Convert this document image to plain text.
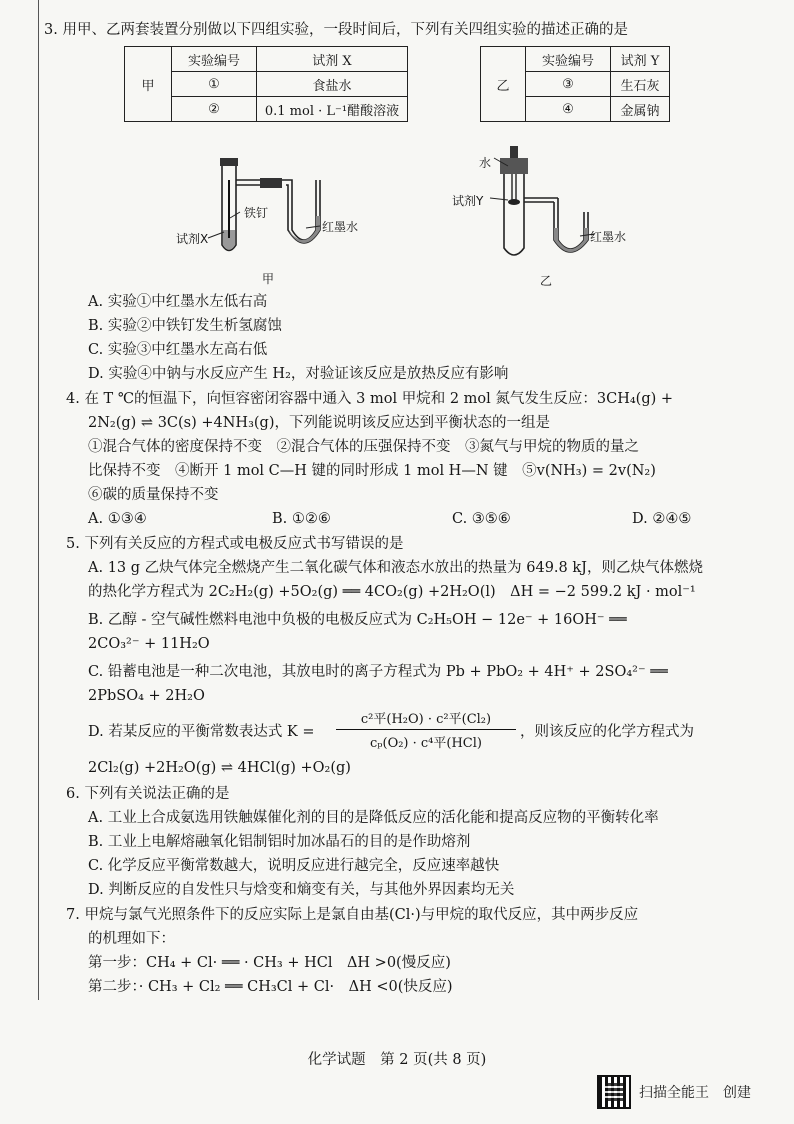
3. 用甲、乙两套装置分别做以下四组实验，一段时间后，下列有关四组实验的描述正确的是
甲	实验编号	试剂 X
	①	食盐水
	②	0.1 mol · L⁻¹醋酸溶液
乙	实验编号	试剂 Y
	③	生石灰
	④	金属钠
试剂X
铁钉
红墨水
甲
水
试剂Y
红墨水
乙
A. 实验①中红墨水左低右高
B. 实验②中铁钉发生析氢腐蚀
C. 实验③中红墨水左高右低
D. 实验④中钠与水反应产生 H₂，对验证该反应是放热反应有影响
4. 在 T ℃的恒温下，向恒容密闭容器中通入 3 mol 甲烷和 2 mol 氮气发生反应：3CH₄(g) +
2N₂(g) ⇌ 3C(s) +4NH₃(g)，下列能说明该反应达到平衡状态的一组是
①混合气体的密度保持不变　②混合气体的压强保持不变　③氮气与甲烷的物质的量之
比保持不变　④断开 1 mol C—H 键的同时形成 1 mol H—N 键　⑤v(NH₃) = 2v(N₂)
⑥碳的质量保持不变
A. ①③④	B. ①②⑥	C. ③⑤⑥	D. ②④⑤
5. 下列有关反应的方程式或电极反应式书写错误的是
A. 13 g 乙炔气体完全燃烧产生二氧化碳气体和液态水放出的热量为 649.8 kJ，则乙炔气体燃烧
的热化学方程式为 2C₂H₂(g) +5O₂(g) ══ 4CO₂(g) +2H₂O(l)　ΔH = −2 599.2 kJ · mol⁻¹
B. 乙醇 - 空气碱性燃料电池中负极的电极反应式为 C₂H₅OH − 12e⁻ + 16OH⁻ ══
2CO₃²⁻ + 11H₂O
C. 铅蓄电池是一种二次电池，其放电时的离子方程式为 Pb + PbO₂ + 4H⁺ + 2SO₄²⁻ ══
2PbSO₄ + 2H₂O
D. 若某反应的平衡常数表达式 K =
c²平(H₂O) · c²平(Cl₂)
cₚ(O₂) · c⁴平(HCl)
，则该反应的化学方程式为
2Cl₂(g) +2H₂O(g) ⇌ 4HCl(g) +O₂(g)
6. 下列有关说法正确的是
A. 工业上合成氨选用铁触媒催化剂的目的是降低反应的活化能和提高反应物的平衡转化率
B. 工业上电解熔融氧化铝制铝时加冰晶石的目的是作助熔剂
C. 化学反应平衡常数越大，说明反应进行越完全，反应速率越快
D. 判断反应的自发性只与焓变和熵变有关，与其他外界因素均无关
7. 甲烷与氯气光照条件下的反应实际上是氯自由基(Cl·)与甲烷的取代反应，其中两步反应
的机理如下：
第一步：CH₄ + Cl· ══ · CH₃ + HCl　ΔH >0(慢反应)
第二步：· CH₃ + Cl₂ ══ CH₃Cl + Cl·　ΔH <0(快反应)
化学试题　第 2 页(共 8 页)
扫描全能王　创建
